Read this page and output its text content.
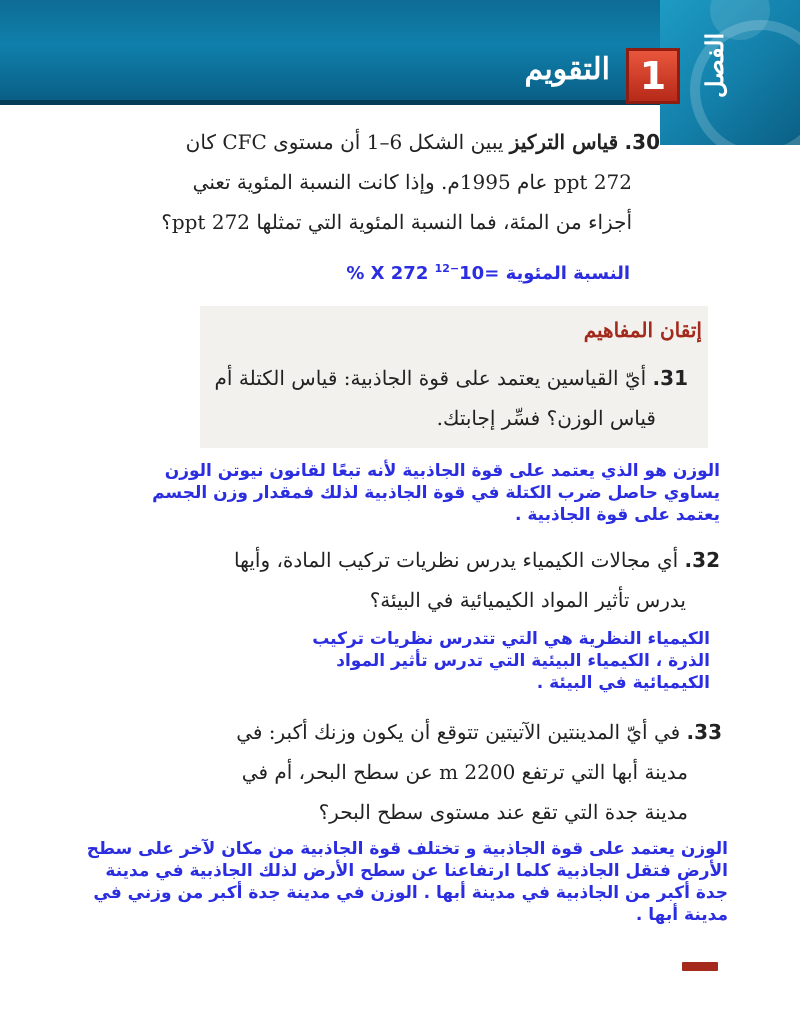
الفصل
1
التقويم
30. قياس التركيز يبين الشكل 6–1 أن مستوى CFC كان
272 ppt عام 1995م. وإذا كانت النسبة المئوية تعني
أجزاء من المئة، فما النسبة المئوية التي تمثلها 272 ppt؟
النسبة المئوية $=10^{-12}$ X 272 %
إتقان المفاهيم
31. أيّ القياسين يعتمد على قوة الجاذبية: قياس الكتلة أم
قياس الوزن؟ فسِّر إجابتك.
الوزن هو الذي يعتمد على قوة الجاذبية لأنه تبعًا لقانون نيوتن الوزن يساوي حاصل ضرب الكتلة في قوة الجاذبية لذلك فمقدار وزن الجسم يعتمد على قوة الجاذبية .
32. أي مجالات الكيمياء يدرس نظريات تركيب المادة، وأيها
يدرس تأثير المواد الكيميائية في البيئة؟
الكيمياء النظرية هي التي تتدرس نظريات تركيب الذرة ، الكيمياء البيئية التي تدرس تأثير المواد الكيميائية في البيئة .
33. في أيّ المدينتين الآتيتين تتوقع أن يكون وزنك أكبر: في
مدينة أبها التي ترتفع 2200 m عن سطح البحر، أم في
مدينة جدة التي تقع عند مستوى سطح البحر؟
الوزن يعتمد على قوة الجاذبية و تختلف قوة الجاذبية من مكان لآخر على سطح الأرض فتقل الجاذبية كلما ارتفاعنا عن سطح الأرض لذلك الجاذبية في مدينة جدة أكبر من الجاذبية في مدينة أبها . الوزن في مدينة جدة أكبر من وزني في مدينة أبها .
